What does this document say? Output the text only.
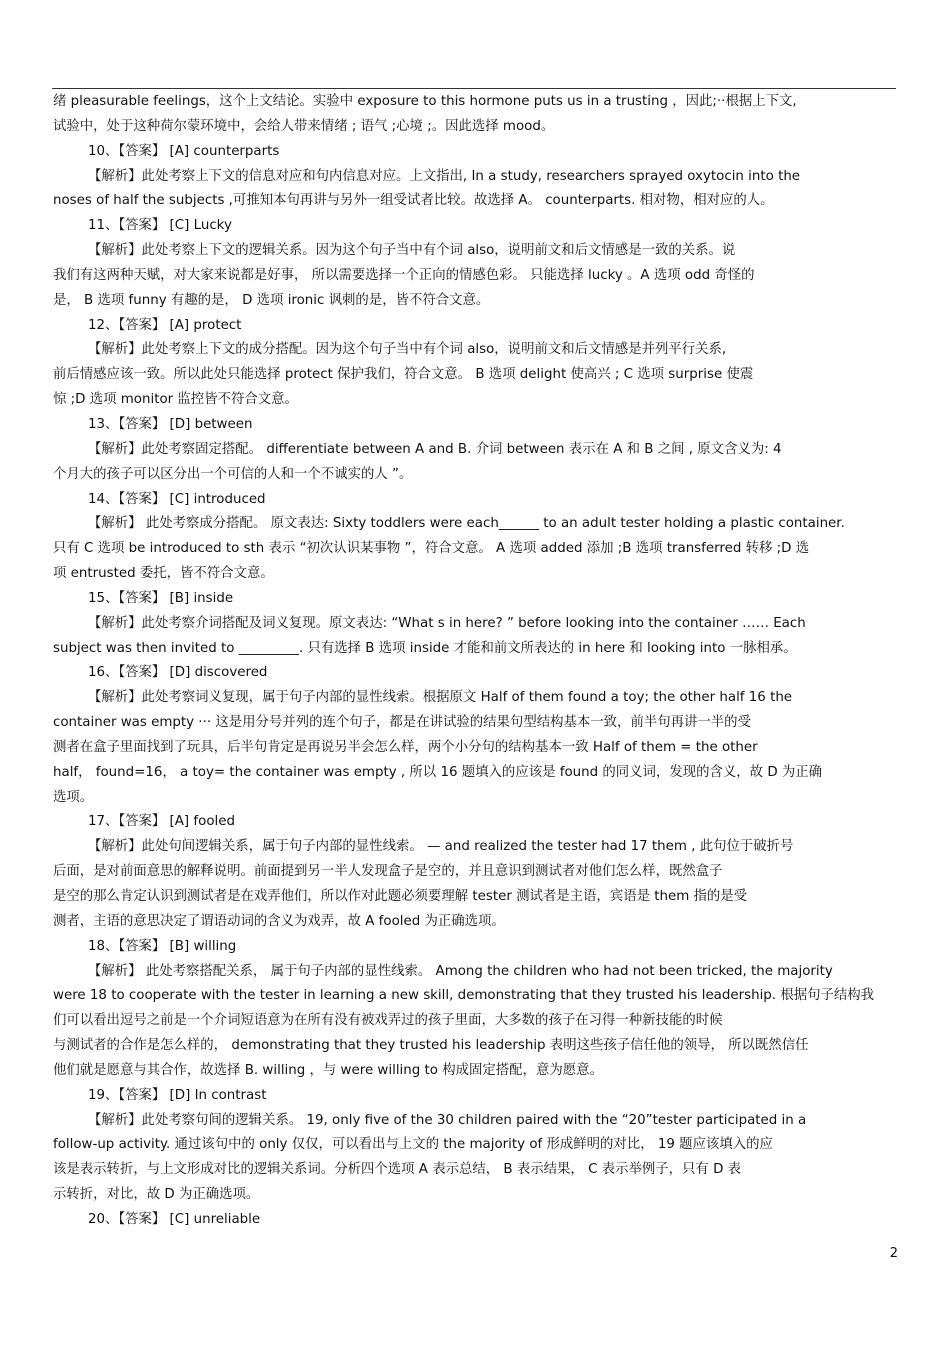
绪 pleasurable feelings，这个上文结论。实验中 exposure to this hormone puts us in a trusting ，因此;··根据上下文,
试验中，处于这种荷尔蒙环境中，会给人带来情绪 ; 语气 ;心境 ;。因此选择 mood。
10、【答案】 [A] counterparts
【解析】此处考察上下文的信息对应和句内信息对应。上文指出, In a study, researchers sprayed oxytocin into the
noses of half the subjects ,可推知本句再讲与另外一组受试者比较。故选择 A。 counterparts. 相对物，相对应的人。
11、【答案】 [C] Lucky
【解析】此处考察上下文的逻辑关系。因为这个句子当中有个词 also，说明前文和后文情感是一致的关系。说
我们有这两种天赋，对大家来说都是好事， 所以需要选择一个正向的情感色彩。 只能选择 lucky 。A 选项 odd 奇怪的
是， B 选项 funny 有趣的是， D 选项 ironic 讽刺的是，皆不符合文意。
12、【答案】 [A] protect
【解析】此处考察上下文的成分搭配。因为这个句子当中有个词 also，说明前文和后文情感是并列平行关系,
前后情感应该一致。所以此处只能选择 protect 保护我们，符合文意。 B 选项 delight 使高兴 ; C 选项 surprise 使震
惊 ;D 选项 monitor 监控皆不符合文意。
13、【答案】 [D] between
【解析】此处考察固定搭配。 differentiate between A and B. 介词 between 表示在 A 和 B 之间 , 原文含义为: 4
个月大的孩子可以区分出一个可信的人和一个不诚实的人 ”。
14、【答案】 [C] introduced
【解析】 此处考察成分搭配。 原文表达: Sixty toddlers were each______ to an adult tester holding a plastic container.
只有 C 选项 be introduced to sth 表示 “初次认识某事物 ”，符合文意。 A 选项 added 添加 ;B 选项 transferred 转移 ;D 选
项 entrusted 委托，皆不符合文意。
15、【答案】 [B] inside
【解析】此处考察介词搭配及词义复现。原文表达: “What s in here? ” before looking into the container …… Each
subject was then invited to _________. 只有选择 B 选项 inside 才能和前文所表达的 in here 和 looking into 一脉相承。
16、【答案】 [D] discovered
【解析】此处考察词义复现，属于句子内部的显性线索。根据原文 Half of them found a toy; the other half 16 the
container was empty ··· 这是用分号并列的连个句子，都是在讲试验的结果句型结构基本一致，前半句再讲一半的受
测者在盒子里面找到了玩具，后半句肯定是再说另半会怎么样，两个小分句的结构基本一致 Half of them = the other
half， found=16， a toy= the container was empty , 所以 16 题填入的应该是 found 的同义词，发现的含义，故 D 为正确
选项。
17、【答案】 [A] fooled
【解析】此处句间逻辑关系，属于句子内部的显性线索。 — and realized the tester had 17 them , 此句位于破折号
后面，是对前面意思的解释说明。前面提到另一半人发现盒子是空的，并且意识到测试者对他们怎么样，既然盒子
是空的那么肯定认识到测试者是在戏弄他们，所以作对此题必须要理解 tester 测试者是主语，宾语是 them 指的是受
测者，主语的意思决定了谓语动词的含义为戏弄，故 A fooled 为正确选项。
18、【答案】 [B] willing
【解析】 此处考察搭配关系， 属于句子内部的显性线索。 Among the children who had not been tricked, the majority
were 18 to cooperate with the tester in learning a new skill, demonstrating that they trusted his leadership. 根据句子结构我
们可以看出逗号之前是一个介词短语意为在所有没有被戏弄过的孩子里面，大多数的孩子在习得一种新技能的时候
与测试者的合作是怎么样的， demonstrating that they trusted his leadership 表明这些孩子信任他的领导， 所以既然信任
他们就是愿意与其合作，故选择 B. willing ，与 were willing to 构成固定搭配，意为愿意。
19、【答案】 [D] In contrast
【解析】此处考察句间的逻辑关系。 19, only five of the 30 children paired with the “20”tester participated in a
follow-up activity. 通过该句中的 only 仅仅，可以看出与上文的 the majority of 形成鲜明的对比， 19 题应该填入的应
该是表示转折，与上文形成对比的逻辑关系词。分析四个选项 A 表示总结， B 表示结果， C 表示举例子，只有 D 表
示转折，对比，故 D 为正确选项。
20、【答案】 [C] unreliable
2
